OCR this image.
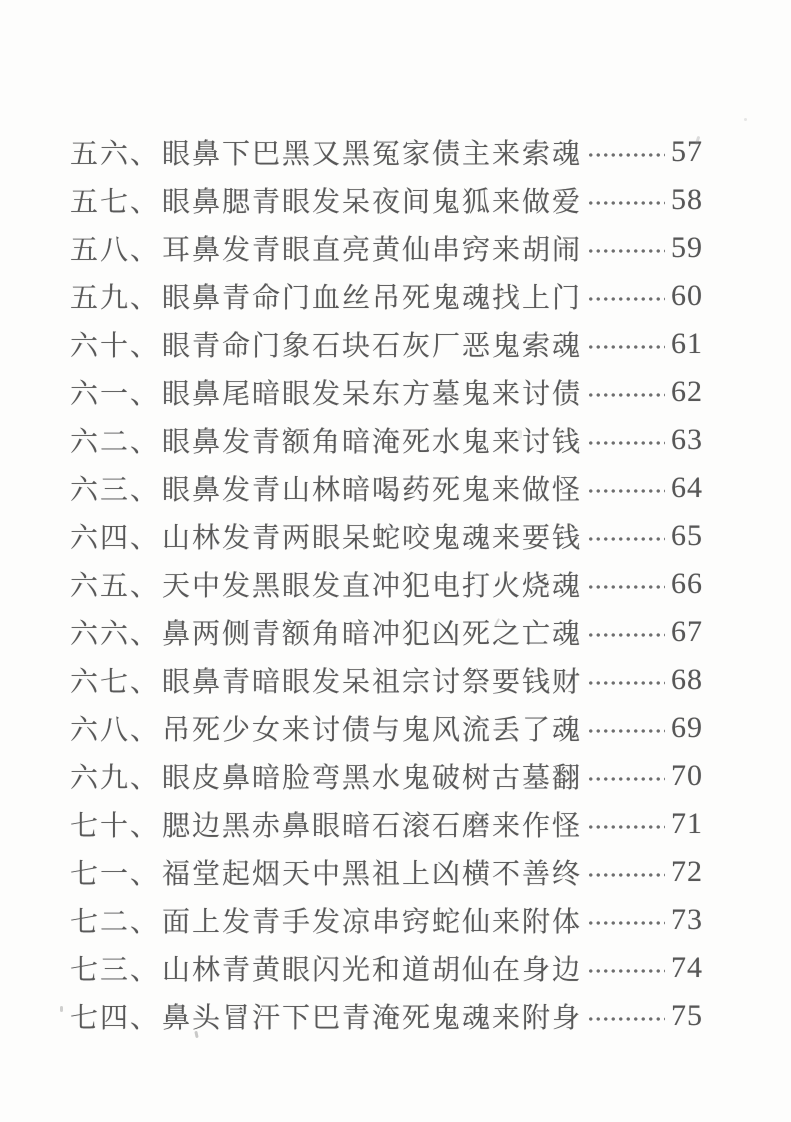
五六、 眼鼻下巴黑又黑冤家债主来索魂	57
五七、 眼鼻腮青眼发呆夜间鬼狐来做爱	58
五八、 耳鼻发青眼直亮黄仙串窍来胡闹	59
五九、 眼鼻青命门血丝吊死鬼魂找上门	60
六十、 眼青命门象石块石灰厂恶鬼索魂	61
六一、 眼鼻尾暗眼发呆东方墓鬼来讨债	62
六二、 眼鼻发青额角暗淹死水鬼来讨钱	63
六三、 眼鼻发青山林暗喝药死鬼来做怪	64
六四、 山林发青两眼呆蛇咬鬼魂来要钱	65
六五、 天中发黑眼发直冲犯电打火烧魂	66
六六、 鼻两侧青额角暗冲犯凶死之亡魂	67
六七、 眼鼻青暗眼发呆祖宗讨祭要钱财	68
六八、 吊死少女来讨债与鬼风流丢了魂	69
六九、 眼皮鼻暗脸弯黑水鬼破树古墓翻	70
七十、 腮边黑赤鼻眼暗石滚石磨来作怪	71
七一、 福堂起烟天中黑祖上凶横不善终	72
七二、 面上发青手发凉串窍蛇仙来附体	73
七三、 山林青黄眼闪光和道胡仙在身边	74
七四、 鼻头冒汗下巴青淹死鬼魂来附身	75
